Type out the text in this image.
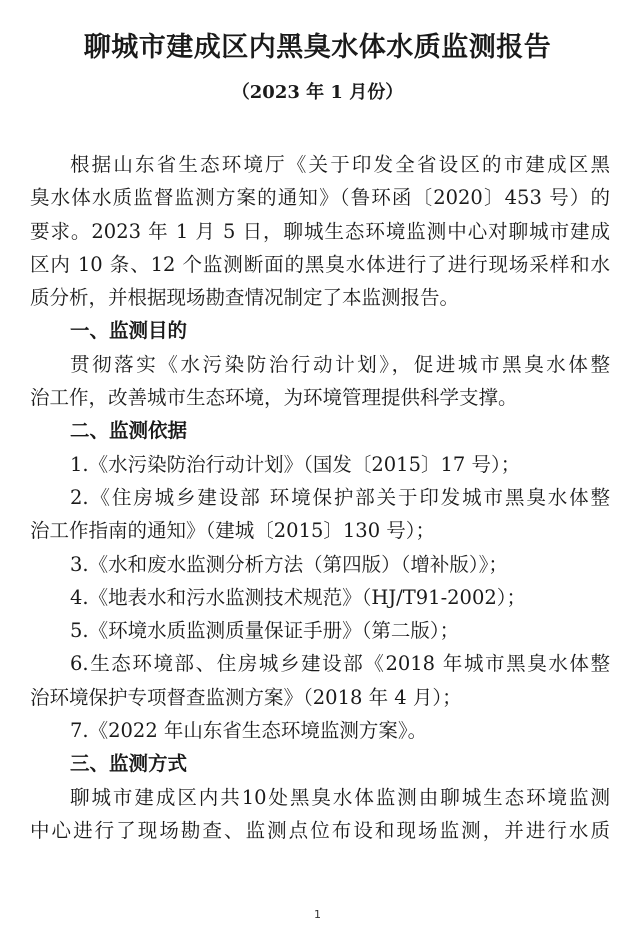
聊城市建成区内黑臭水体水质监测报告
（2023 年 1 月份）
根据山东省生态环境厅《关于印发全省设区的市建成区黑
臭水体水质监督监测方案的通知》（鲁环函〔2020〕453 号）的
要求。2023 年 1 月 5 日，聊城生态环境监测中心对聊城市建成
区内 10 条、12 个监测断面的黑臭水体进行了进行现场采样和水
质分析，并根据现场勘查情况制定了本监测报告。
一、监测目的
贯彻落实《水污染防治行动计划》，促进城市黑臭水体整
治工作，改善城市生态环境，为环境管理提供科学支撑。
二、监测依据
1.《水污染防治行动计划》（国发〔2015〕17 号）；
2.《住房城乡建设部 环境保护部关于印发城市黑臭水体整
治工作指南的通知》（建城〔2015〕130 号）；
3.《水和废水监测分析方法（第四版）（增补版）》；
4.《地表水和污水监测技术规范》（HJ/T91-2002）；
5.《环境水质监测质量保证手册》（第二版）；
6.生态环境部、住房城乡建设部《2018 年城市黑臭水体整
治环境保护专项督查监测方案》（2018 年 4 月）；
7.《2022 年山东省生态环境监测方案》。
三、监测方式
聊城市建成区内共10处黑臭水体监测由聊城生态环境监测
中心进行了现场勘查、监测点位布设和现场监测，并进行水质
1
